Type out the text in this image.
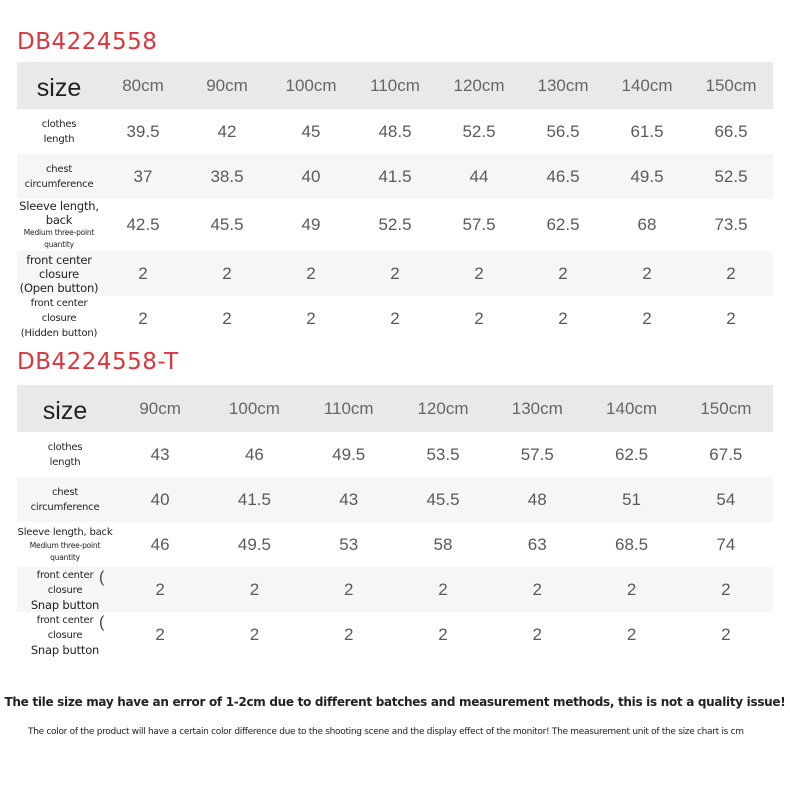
DB4224558
size	80cm	90cm	100cm	110cm	120cm	130cm	140cm	150cm

clothes
length	39.5	42	45	48.5	52.5	56.5	61.5	66.5

chest
circumference	37	38.5	40	41.5	44	46.5	49.5	52.5

Sleeve length, back
Medium three-point
quantity	42.5	45.5	49	52.5	57.5	62.5	68	73.5

front center
closure
(Open button)	2	2	2	2	2	2	2	2

front center
closure
(Hidden button)	2	2	2	2	2	2	2	2
DB4224558-T
size	90cm	100cm	110cm	120cm	130cm	140cm	150cm

clothes
length	43	46	49.5	53.5	57.5	62.5	67.5

chest
circumference	40	41.5	43	45.5	48	51	54

Sleeve length, back
Medium three-point
quantity	46	49.5	53	58	63	68.5	74

front center
closure
Snap button
(	2	2	2	2	2	2	2

front center
closure
Snap button
(	2	2	2	2	2	2	2
The tile size may have an error of 1-2cm due to different batches and measurement methods, this is not a quality issue!
The color of the product will have a certain color difference due to the shooting scene and the display effect of the monitor! The measurement unit of the size chart is cm
